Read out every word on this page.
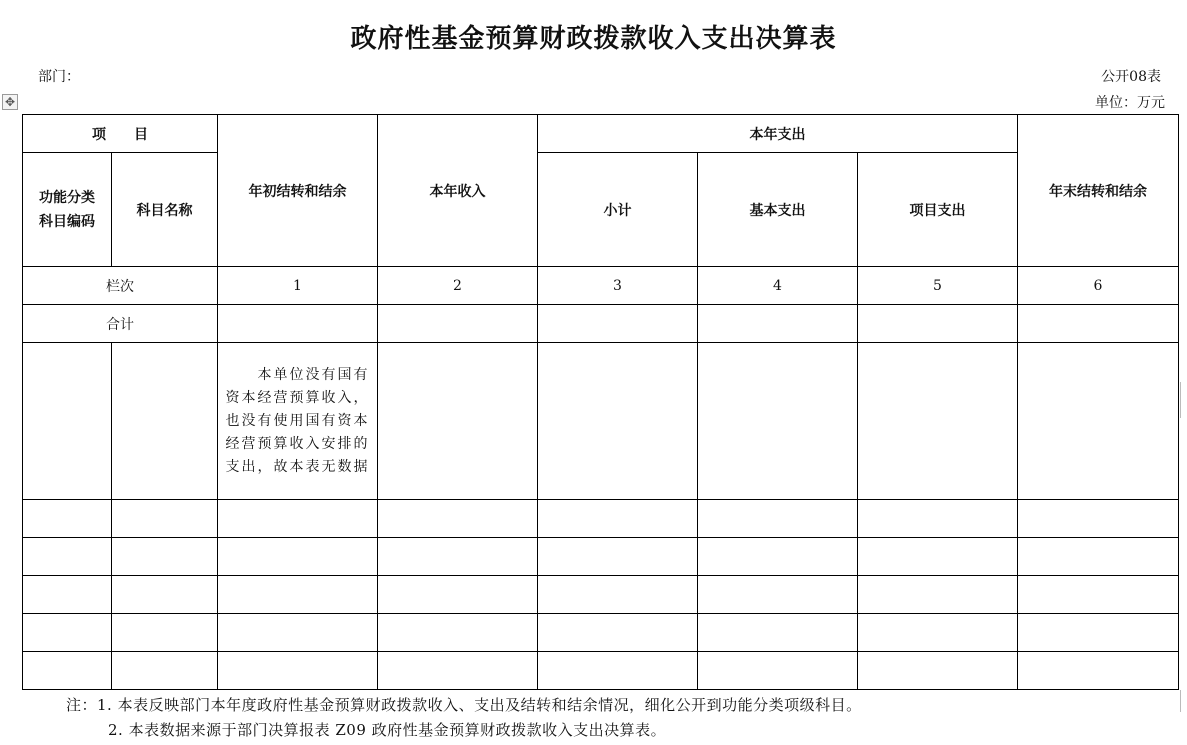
政府性基金预算财政拨款收入支出决算表
部门：	公开08表
单位：万元
✥
项　　目		年初结转和结余	本年收入	本年支出			年末结转和结余

功能分类
科目编码	科目名称			小计	基本支出	项目支出	
栏次		1	2	3	4	5	6
合计							
		　　本单位没有国有资本经营预算收入，也没有使用国有资本经营预算收入安排的支出，故本表无数据					

注：1. 本表反映部门本年度政府性基金预算财政拨款收入、支出及结转和结余情况，细化公开到功能分类项级科目。
2. 本表数据来源于部门决算报表 Z09 政府性基金预算财政拨款收入支出决算表。
